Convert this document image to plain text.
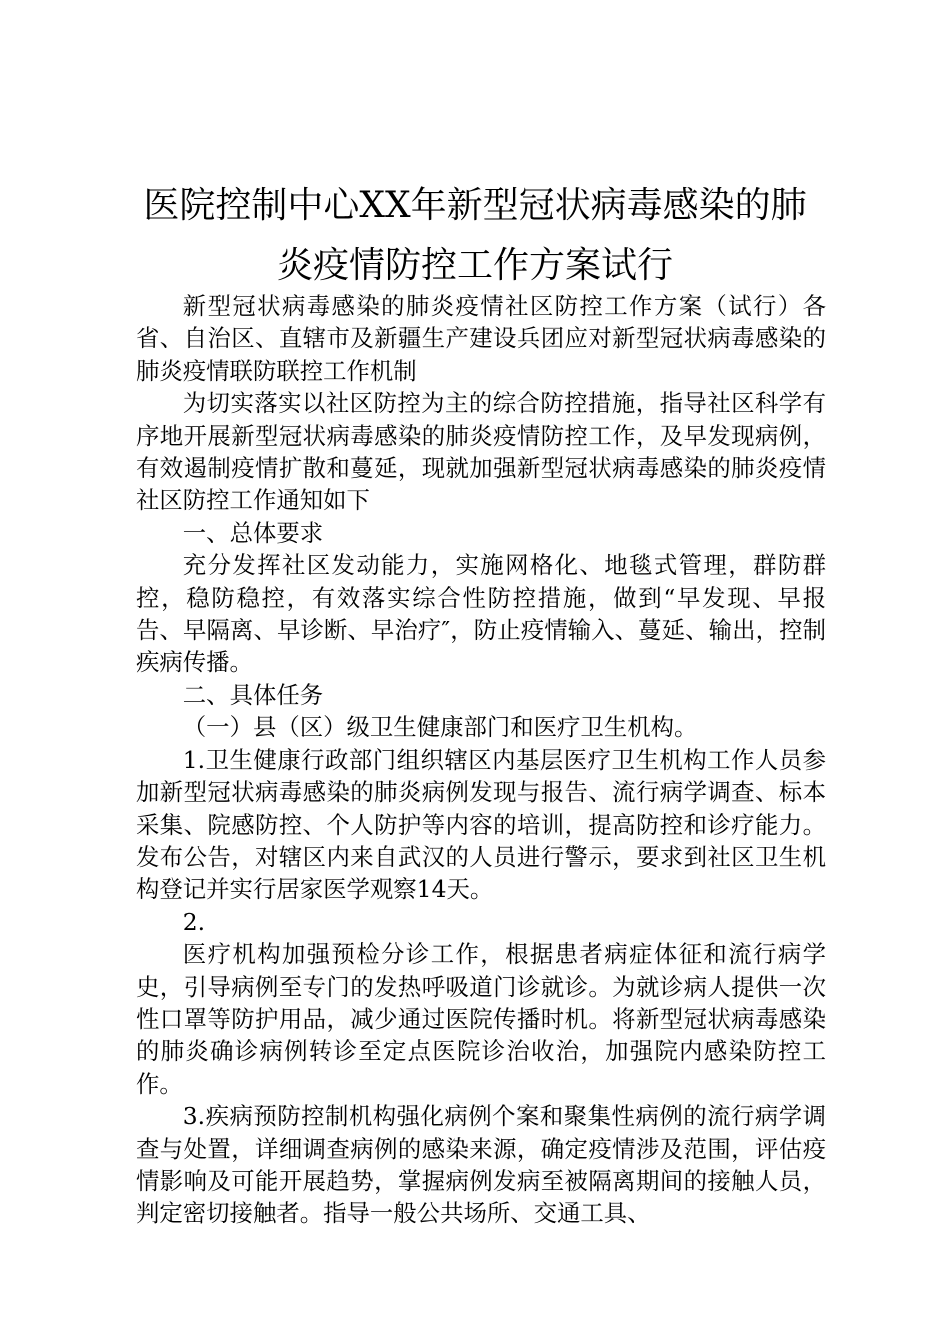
医院控制中心XX年新型冠状病毒感染的肺
炎疫情防控工作方案试行

新型冠状病毒感染的肺炎疫情社区防控工作方案（试行）各省、自治区、直辖市及新疆生产建设兵团应对新型冠状病毒感染的肺炎疫情联防联控工作机制

为切实落实以社区防控为主的综合防控措施，指导社区科学有序地开展新型冠状病毒感染的肺炎疫情防控工作，及早发现病例，有效遏制疫情扩散和蔓延，现就加强新型冠状病毒感染的肺炎疫情社区防控工作通知如下

一、总体要求

充分发挥社区发动能力，实施网格化、地毯式管理，群防群控，稳防稳控，有效落实综合性防控措施，做到“早发现、早报告、早隔离、早诊断、早治疗″，防止疫情输入、蔓延、输出，控制疾病传播。

二、具体任务

（一）县（区）级卫生健康部门和医疗卫生机构。

1.卫生健康行政部门组织辖区内基层医疗卫生机构工作人员参加新型冠状病毒感染的肺炎病例发现与报告、流行病学调查、标本采集、院感防控、个人防护等内容的培训，提高防控和诊疗能力。发布公告，对辖区内来自武汉的人员进行警示，要求到社区卫生机构登记并实行居家医学观察14天。

2.

医疗机构加强预检分诊工作，根据患者病症体征和流行病学史，引导病例至专门的发热呼吸道门诊就诊。为就诊病人提供一次性口罩等防护用品，减少通过医院传播时机。将新型冠状病毒感染的肺炎确诊病例转诊至定点医院诊治收治，加强院内感染防控工作。

3.疾病预防控制机构强化病例个案和聚集性病例的流行病学调查与处置，详细调查病例的感染来源，确定疫情涉及范围，评估疫情影响及可能开展趋势，掌握病例发病至被隔离期间的接触人员，判定密切接触者。指导一般公共场所、交通工具、
